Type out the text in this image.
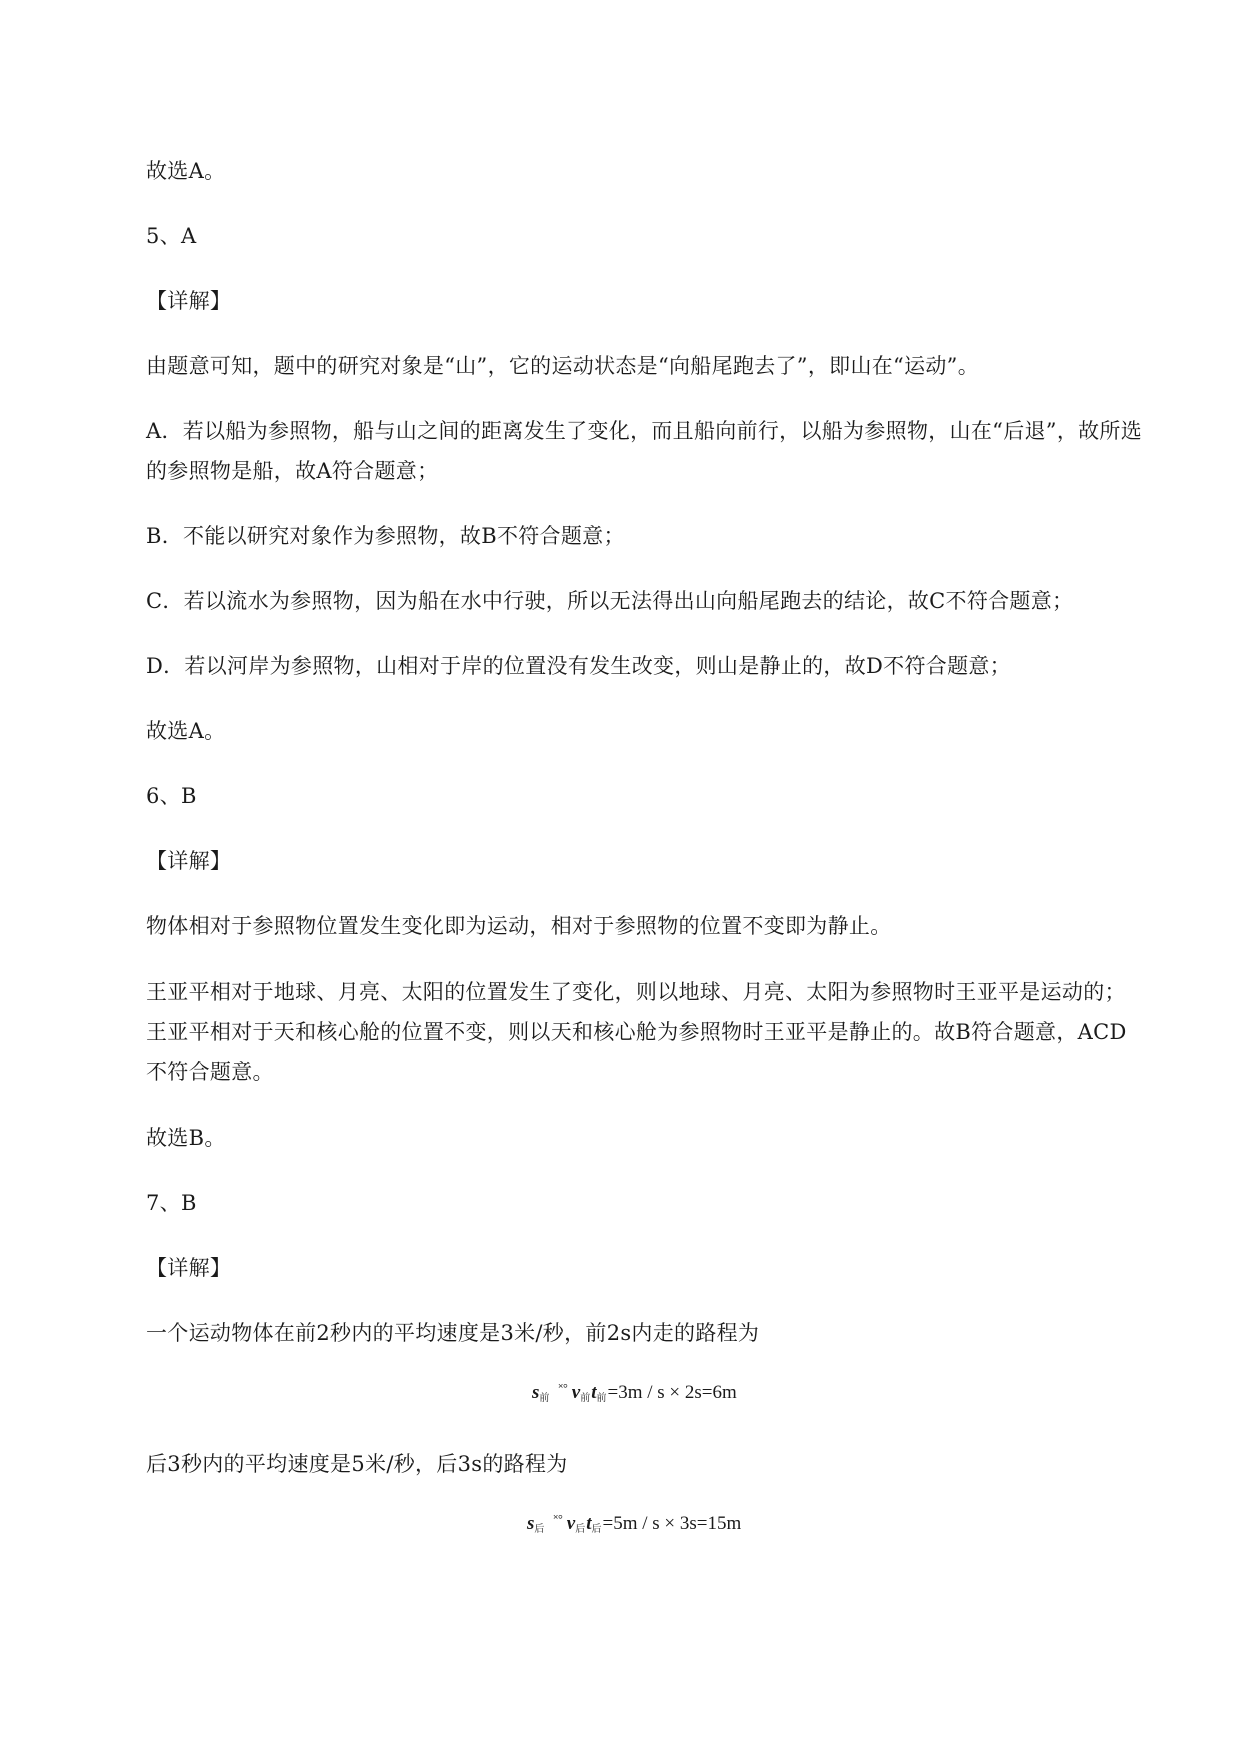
故选A。
5、A
【详解】
由题意可知，题中的研究对象是“山”，它的运动状态是“向船尾跑去了”，即山在“运动”。
A．若以船为参照物，船与山之间的距离发生了变化，而且船向前行，以船为参照物，山在“后退”，故所选的参照物是船，故A符合题意；
B．不能以研究对象作为参照物，故B不符合题意；
C．若以流水为参照物，因为船在水中行驶，所以无法得出山向船尾跑去的结论，故C不符合题意；
D．若以河岸为参照物，山相对于岸的位置没有发生改变，则山是静止的，故D不符合题意；
故选A。
6、B
【详解】
物体相对于参照物位置发生变化即为运动，相对于参照物的位置不变即为静止。
王亚平相对于地球、月亮、太阳的位置发生了变化，则以地球、月亮、太阳为参照物时王亚平是运动的；王亚平相对于天和核心舱的位置不变，则以天和核心舱为参照物时王亚平是静止的。故B符合题意，ACD不符合题意。
故选B。
7、B
【详解】
一个运动物体在前2秒内的平均速度是3米/秒，前2s内走的路程为
$s_前^{˟^\circ}$ $v_前t_前=3m / s \times 2s=6m$
后3秒内的平均速度是5米/秒，后3s的路程为
$s_后^{˟^\circ}$ $v_后t_后=5m / s \times 3s=15m$
